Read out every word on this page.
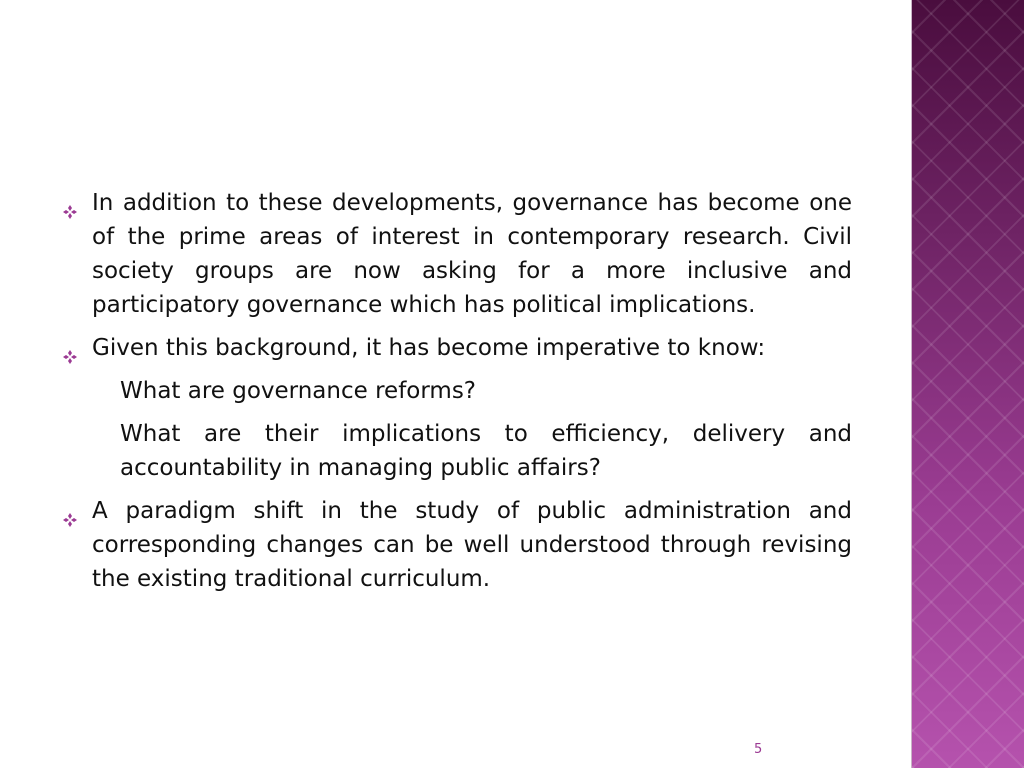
In addition to these developments, governance has become one of the prime areas of interest in contemporary research. Civil society groups are now asking for a more inclusive and participatory governance which has political implications.
Given this background, it has become imperative to know:
What are governance reforms?
What are their implications to efficiency, delivery and accountability in managing public affairs?
A paradigm shift in the study of public administration and corresponding changes can be well understood through revising the existing traditional curriculum.
5
